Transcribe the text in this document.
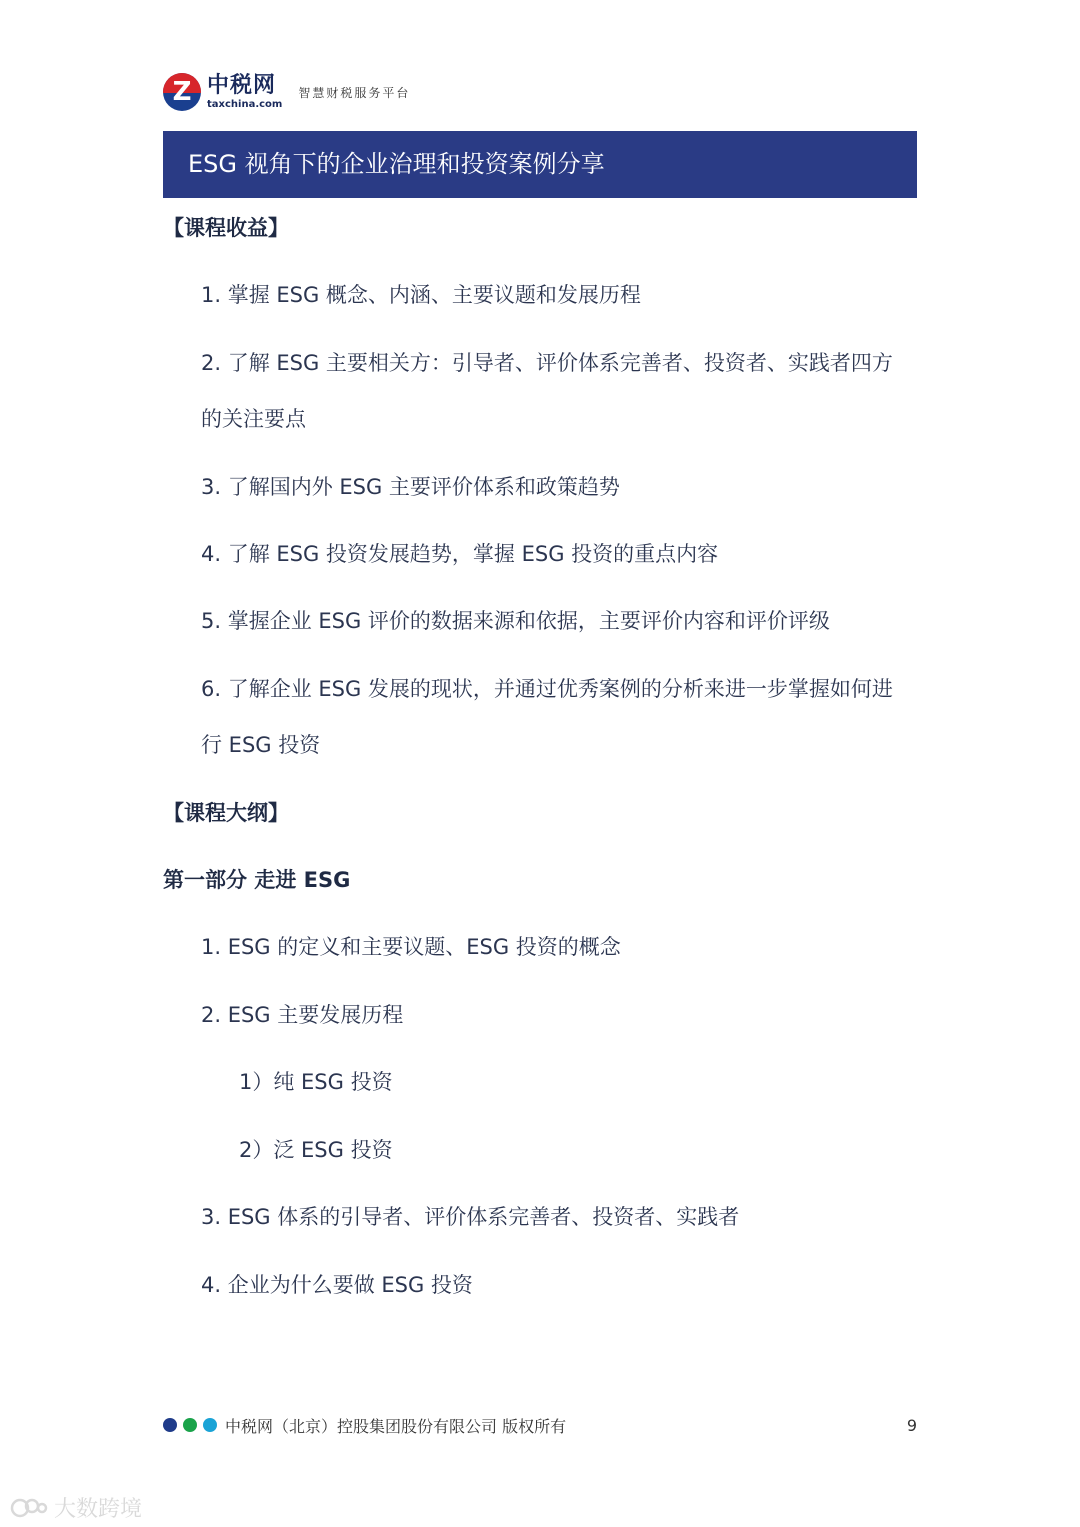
Z 中税网
taxchina.com
智慧财税服务平台
ESG 视角下的企业治理和投资案例分享
【课程收益】
1. 掌握 ESG 概念、内涵、主要议题和发展历程
2. 了解 ESG 主要相关方：引导者、评价体系完善者、投资者、实践者四方
的关注要点
3. 了解国内外 ESG 主要评价体系和政策趋势
4. 了解 ESG 投资发展趋势，掌握 ESG 投资的重点内容
5. 掌握企业 ESG 评价的数据来源和依据，主要评价内容和评价评级
6. 了解企业 ESG 发展的现状，并通过优秀案例的分析来进一步掌握如何进
行 ESG 投资
【课程大纲】
第一部分 走进 ESG
1. ESG 的定义和主要议题、ESG 投资的概念
2. ESG 主要发展历程
1）纯 ESG 投资
2）泛 ESG 投资
3. ESG 体系的引导者、评价体系完善者、投资者、实践者
4. 企业为什么要做 ESG 投资
中税网（北京）控股集团股份有限公司 版权所有	9
大数跨境
